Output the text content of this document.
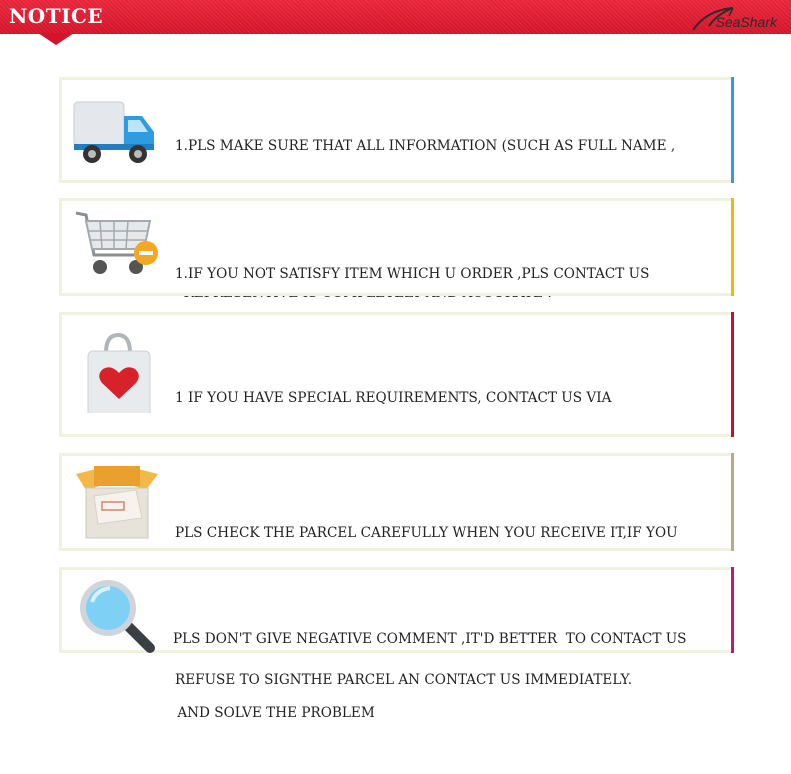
NOTICE	SeaShark

1.PLS MAKE SURE THAT ALL INFORMATION (SUCH AS FULL NAME ,

1.IF YOU NOT SATISFY ITEM WHICH U ORDER ,PLS CONTACT US

1 IF YOU HAVE SPECIAL REQUIREMENTS, CONTACT US VIA

PLS CHECK THE PARCEL CAREFULLY WHEN YOU RECEIVE IT,IF YOU

REFUSE TO SIGNTHE PARCEL AN CONTACT US IMMEDIATELY.

PLS DON'T GIVE NEGATIVE COMMENT ,IT'D BETTER  TO CONTACT US

AND SOLVE THE PROBLEM
